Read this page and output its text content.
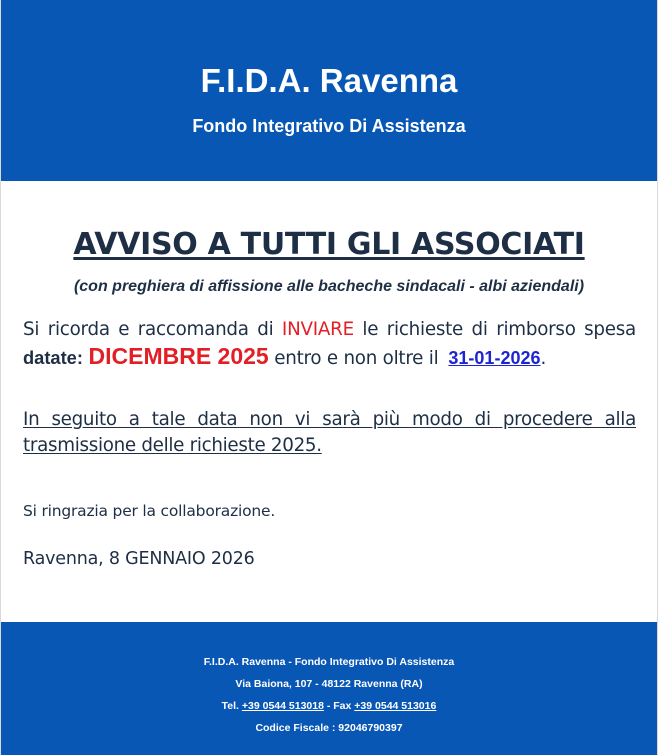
F.I.D.A. Ravenna
Fondo Integrativo Di Assistenza
AVVISO A TUTTI GLI ASSOCIATI
(con preghiera di affissione alle bacheche sindacali - albi aziendali)
Si ricorda e raccomanda di INVIARE le richieste di rimborso spesa datate: DICEMBRE 2025 entro e non oltre il 31-01-2026.
In seguito a tale data non vi sarà più modo di procedere alla trasmissione delle richieste 2025.
Si ringrazia per la collaborazione.
Ravenna, 8 GENNAIO 2026
F.I.D.A. Ravenna - Fondo Integrativo Di Assistenza
Via Baiona, 107 - 48122 Ravenna (RA)
Tel. +39 0544 513018 - Fax +39 0544 513016
Codice Fiscale : 92046790397
